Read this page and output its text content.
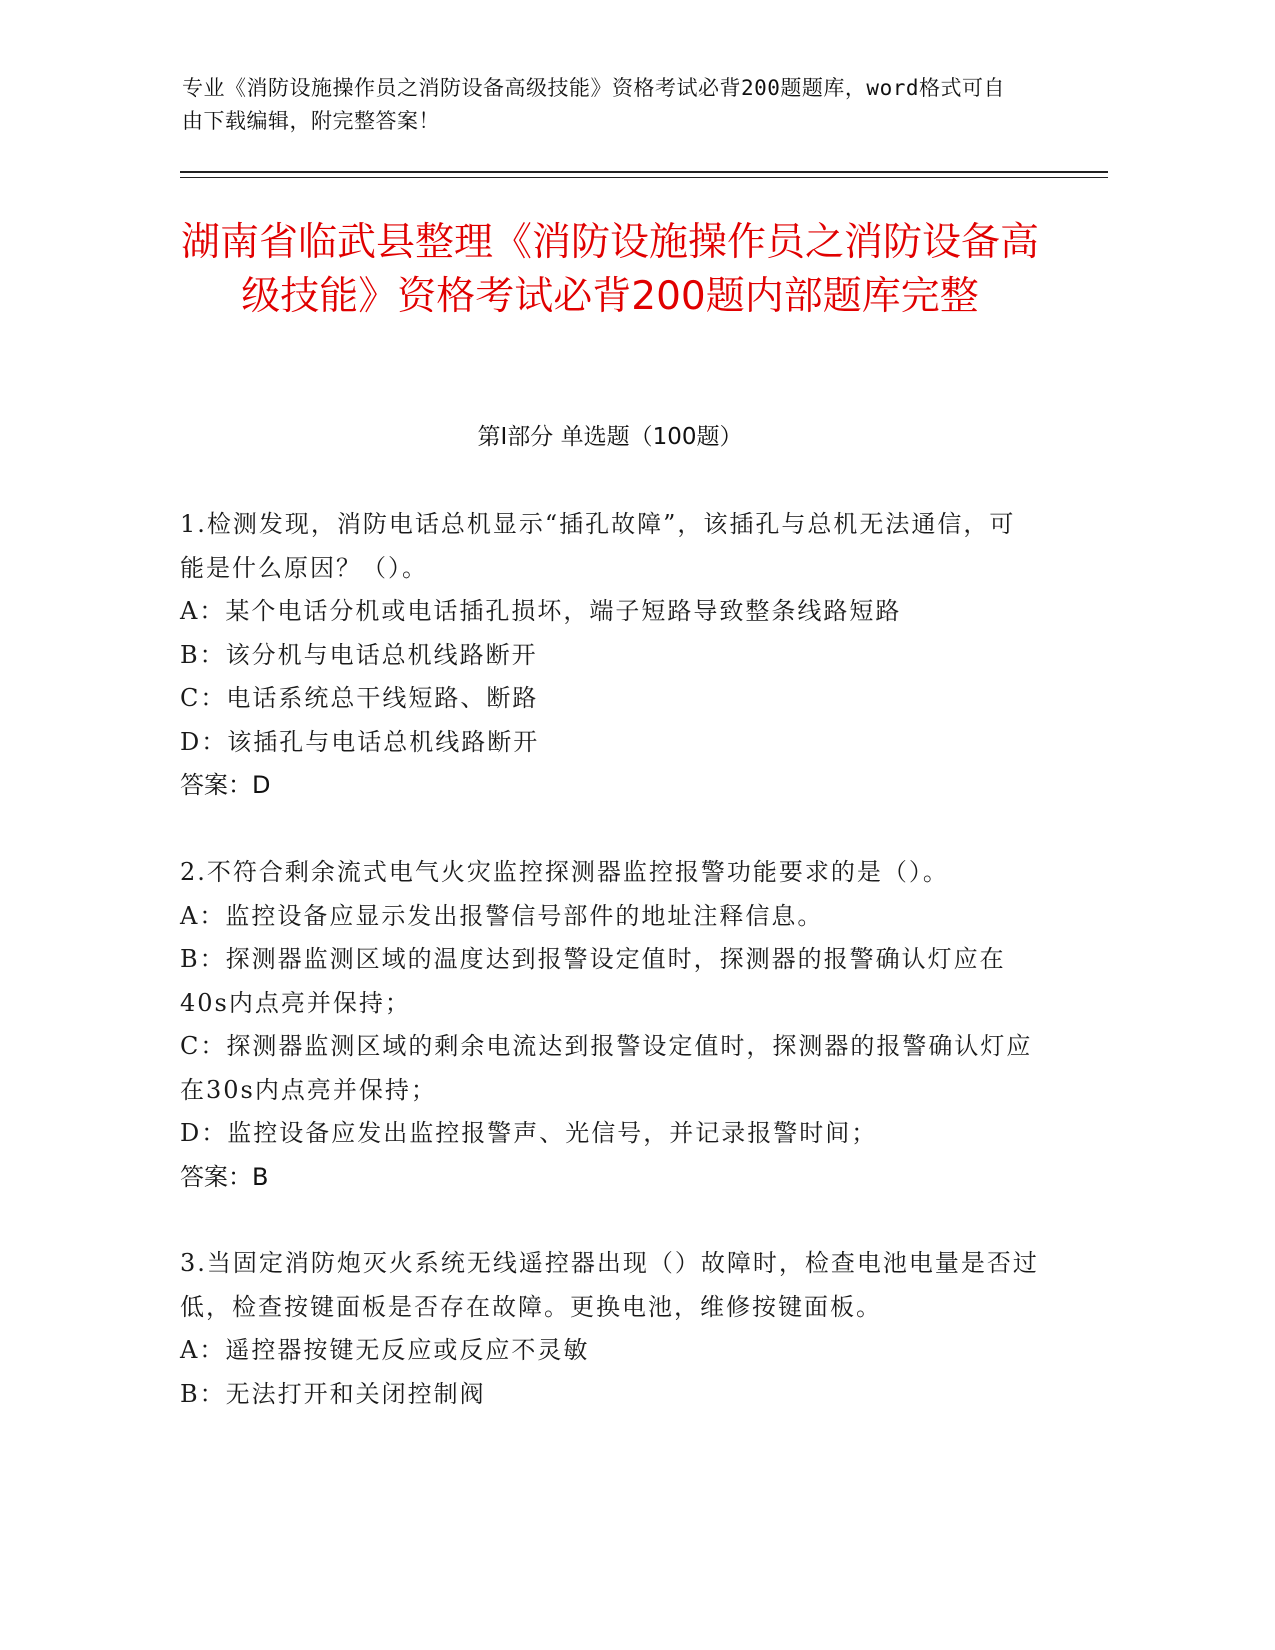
专业《消防设施操作员之消防设备高级技能》资格考试必背200题题库，word格式可自由下载编辑，附完整答案！
湖南省临武县整理《消防设施操作员之消防设备高级技能》资格考试必背200题内部题库完整
第Ⅰ部分 单选题（100题）
1.检测发现，消防电话总机显示“插孔故障”，该插孔与总机无法通信，可能是什么原因？（）。
A：某个电话分机或电话插孔损坏，端子短路导致整条线路短路
B：该分机与电话总机线路断开
C：电话系统总干线短路、断路
D：该插孔与电话总机线路断开
答案：D
2.不符合剩余流式电气火灾监控探测器监控报警功能要求的是（）。
A：监控设备应显示发出报警信号部件的地址注释信息。
B：探测器监测区域的温度达到报警设定值时，探测器的报警确认灯应在40s内点亮并保持；
C：探测器监测区域的剩余电流达到报警设定值时，探测器的报警确认灯应在30s内点亮并保持；
D：监控设备应发出监控报警声、光信号，并记录报警时间；
答案：B
3.当固定消防炮灭火系统无线遥控器出现（）故障时，检查电池电量是否过低，检查按键面板是否存在故障。更换电池，维修按键面板。
A：遥控器按键无反应或反应不灵敏
B：无法打开和关闭控制阀
